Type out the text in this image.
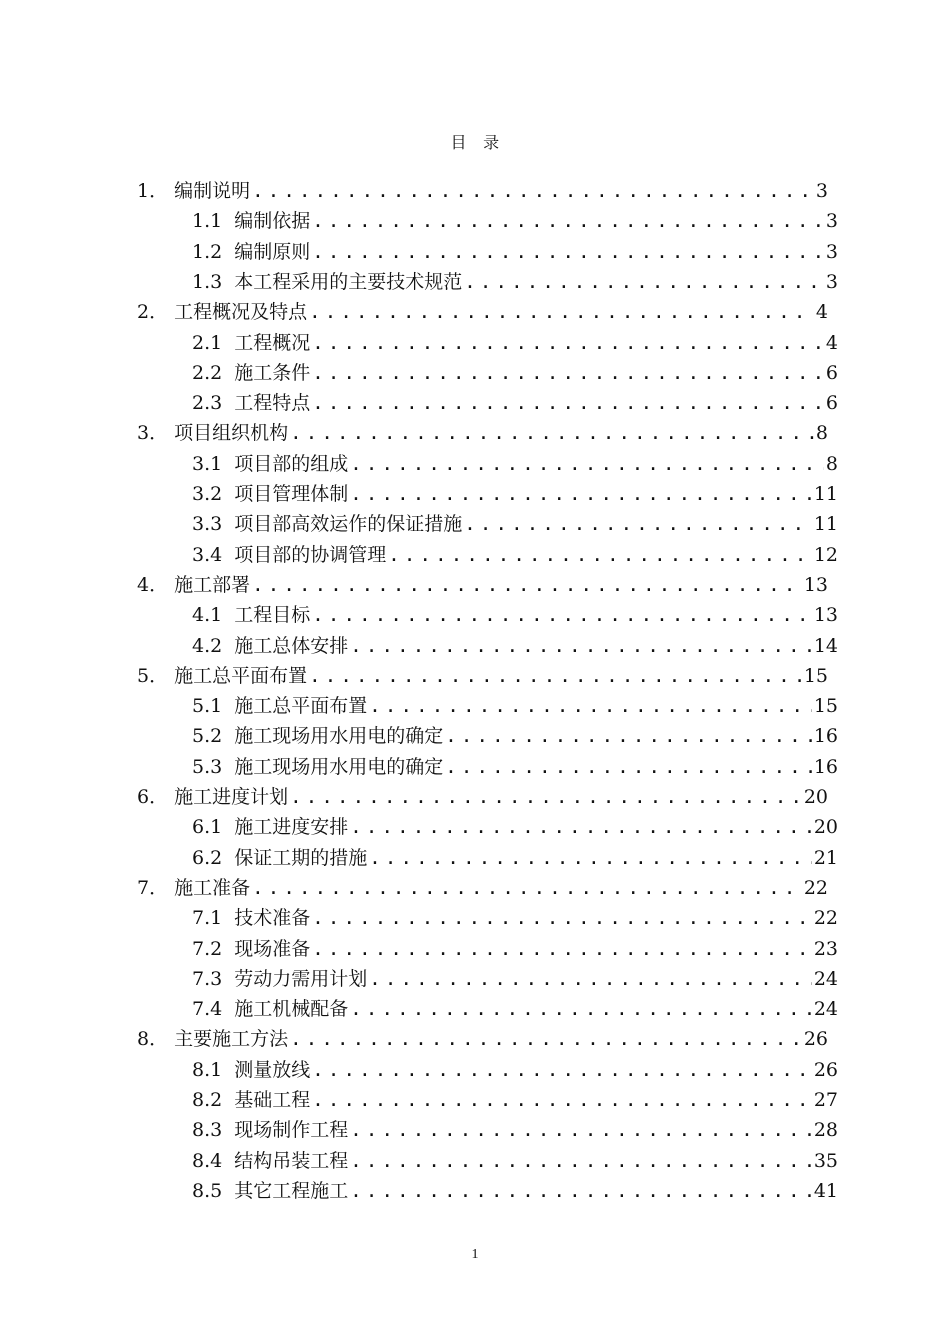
目　录
1． 编制说明 .....	3
1.1 编制依据 .....	3
1.2 编制原则 .....	3
1.3 本工程采用的主要技术规范 .....	3
2． 工程概况及特点 .....	4
2.1 工程概况 .....	4
2.2 施工条件 .....	6
2.3 工程特点 .....	6
3． 项目组织机构 .....	8
3.1 项目部的组成 .....	8
3.2 项目管理体制 .....	11
3.3 项目部高效运作的保证措施 .....	11
3.4 项目部的协调管理 .....	12
4． 施工部署 .....	13
4.1 工程目标 .....	13
4.2 施工总体安排 .....	14
5． 施工总平面布置 .....	15
5.1 施工总平面布置 .....	15
5.2 施工现场用水用电的确定 .....	16
5.3 施工现场用水用电的确定 .....	16
6． 施工进度计划 .....	20
6.1 施工进度安排 .....	20
6.2 保证工期的措施 .....	21
7． 施工准备 .....	22
7.1 技术准备 .....	22
7.2 现场准备 .....	23
7.3 劳动力需用计划 .....	24
7.4 施工机械配备 .....	24
8． 主要施工方法 .....	26
8.1 测量放线 .....	26
8.2 基础工程 .....	27
8.3 现场制作工程 .....	28
8.4 结构吊装工程 .....	35
8.5 其它工程施工 .....	41
1
